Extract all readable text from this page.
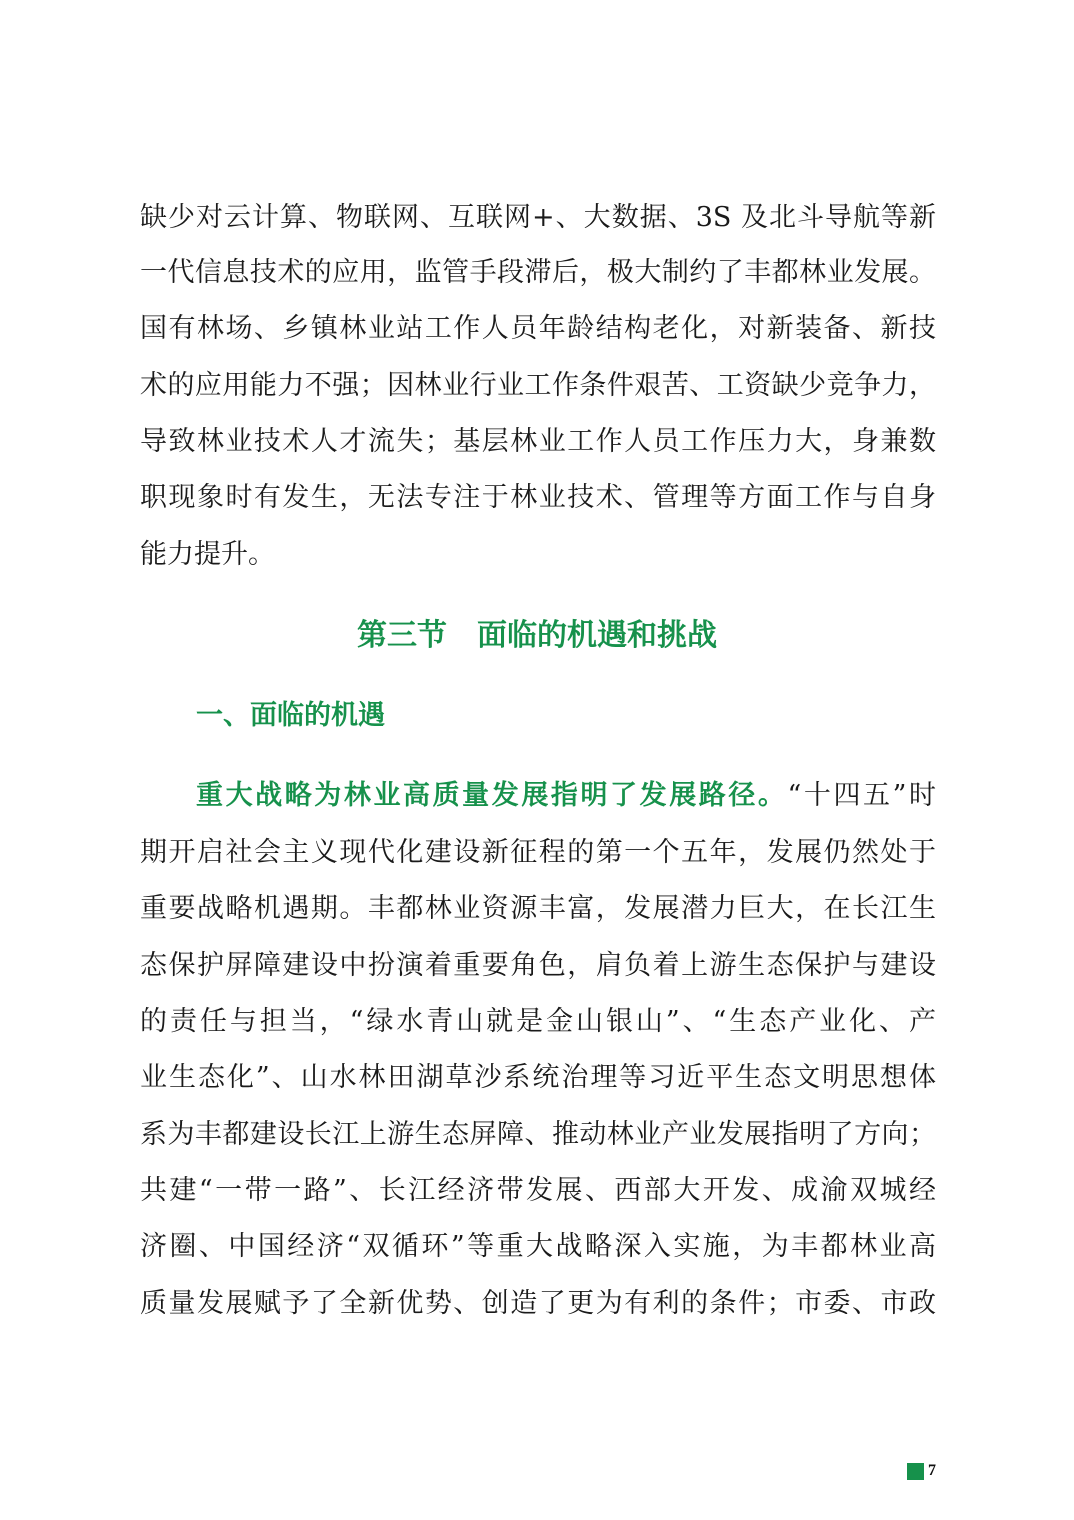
缺少对云计算、物联网、互联网+、大数据、3S 及北斗导航等新
一代信息技术的应用，监管手段滞后，极大制约了丰都林业发展。
国有林场、乡镇林业站工作人员年龄结构老化，对新装备、新技
术的应用能力不强；因林业行业工作条件艰苦、工资缺少竞争力，
导致林业技术人才流失；基层林业工作人员工作压力大，身兼数
职现象时有发生，无法专注于林业技术、管理等方面工作与自身
能力提升。
第三节　面临的机遇和挑战
一、面临的机遇
重大战略为林业高质量发展指明了发展路径。“十四五”时
期开启社会主义现代化建设新征程的第一个五年，发展仍然处于
重要战略机遇期。丰都林业资源丰富，发展潜力巨大，在长江生
态保护屏障建设中扮演着重要角色，肩负着上游生态保护与建设
的责任与担当，“绿水青山就是金山银山”、“生态产业化、产
业生态化”、山水林田湖草沙系统治理等习近平生态文明思想体
系为丰都建设长江上游生态屏障、推动林业产业发展指明了方向；
共建“一带一路”、长江经济带发展、西部大开发、成渝双城经
济圈、中国经济“双循环”等重大战略深入实施，为丰都林业高
质量发展赋予了全新优势、创造了更为有利的条件；市委、市政
7
